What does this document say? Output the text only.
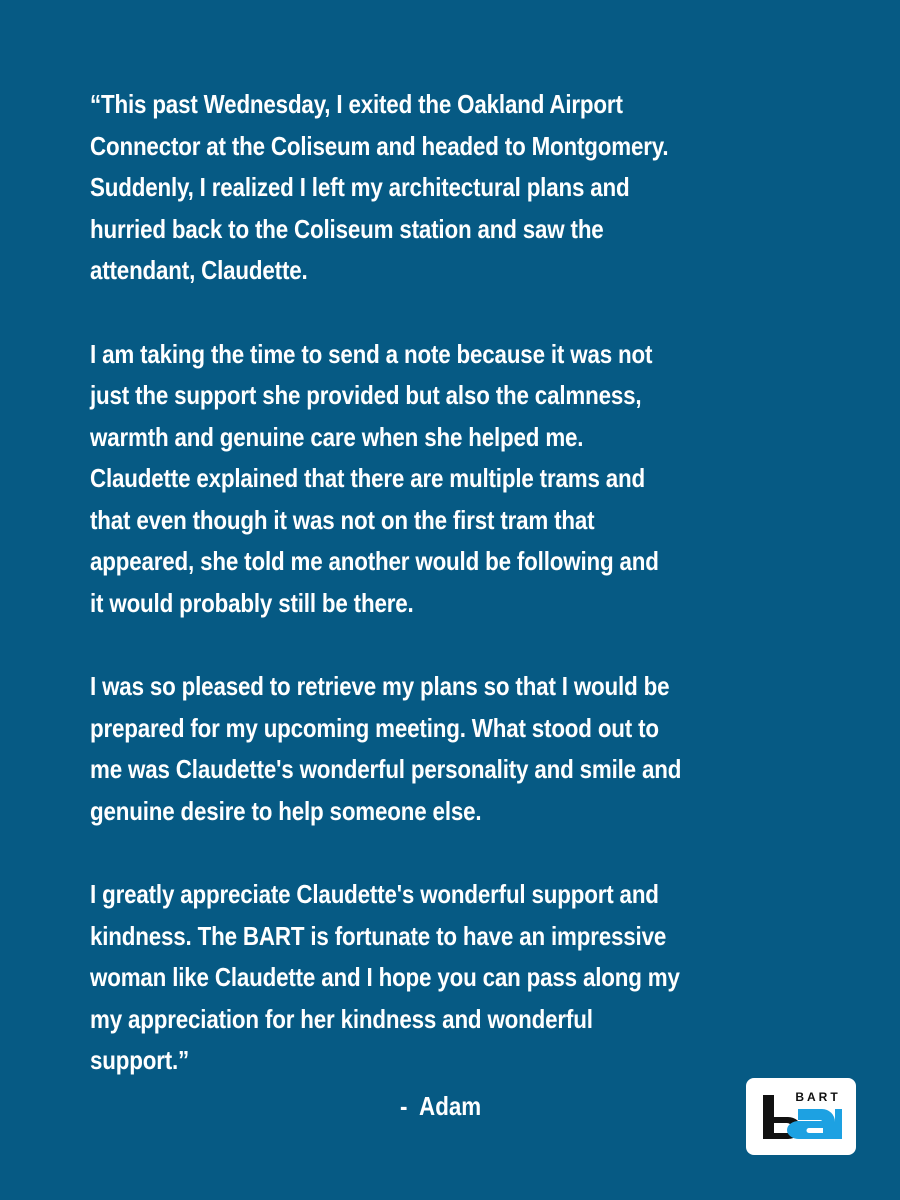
“This past Wednesday, I exited the Oakland Airport
Connector at the Coliseum and headed to Montgomery.
Suddenly, I realized I left my architectural plans and
hurried back to the Coliseum station and saw the
attendant, Claudette.

I am taking the time to send a note because it was not
just the support she provided but also the calmness,
warmth and genuine care when she helped me.
Claudette explained that there are multiple trams and
that even though it was not on the first tram that
appeared, she told me another would be following and
it would probably still be there.

I was so pleased to retrieve my plans so that I would be
prepared for my upcoming meeting. What stood out to
me was Claudette's wonderful personality and smile and
genuine desire to help someone else.

I greatly appreciate Claudette's wonderful support and
kindness. The BART is fortunate to have an impressive
woman like Claudette and I hope you can pass along my
my appreciation for her kindness and wonderful
support.”

-  Adam	BART
